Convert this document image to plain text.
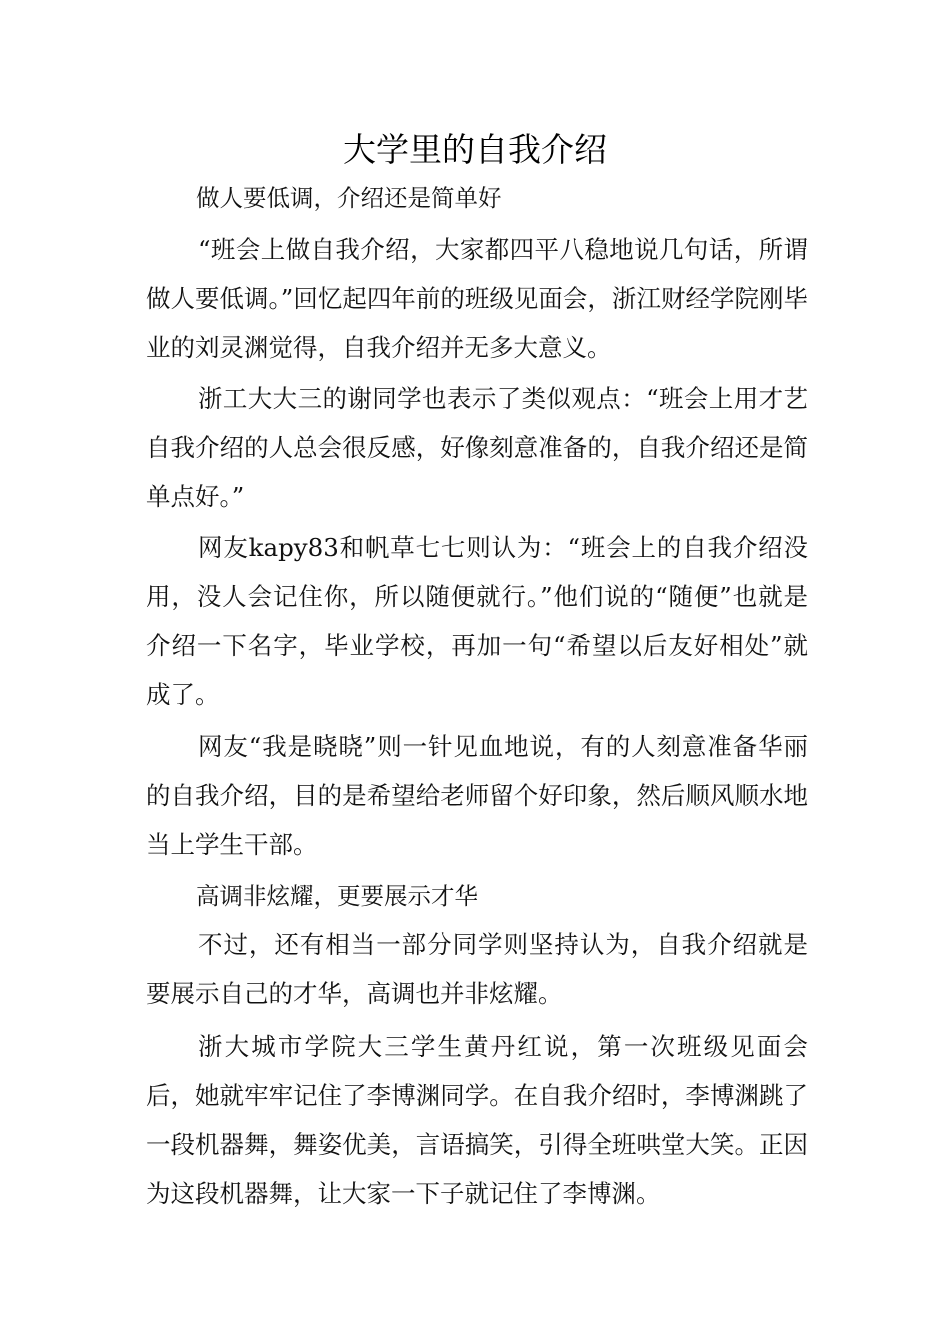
大学里的自我介绍

做人要低调，介绍还是简单好

“班会上做自我介绍，大家都四平八稳地说几句话，所谓做人要低调。”回忆起四年前的班级见面会，浙江财经学院刚毕业的刘灵渊觉得，自我介绍并无多大意义。

浙工大大三的谢同学也表示了类似观点：“班会上用才艺自我介绍的人总会很反感，好像刻意准备的，自我介绍还是简单点好。”

网友kapy83和帆草七七则认为：“班会上的自我介绍没用，没人会记住你，所以随便就行。”他们说的“随便”也就是介绍一下名字，毕业学校，再加一句“希望以后友好相处”就成了。

网友“我是晓晓”则一针见血地说，有的人刻意准备华丽的自我介绍，目的是希望给老师留个好印象，然后顺风顺水地当上学生干部。

高调非炫耀，更要展示才华

不过，还有相当一部分同学则坚持认为，自我介绍就是要展示自己的才华，高调也并非炫耀。

浙大城市学院大三学生黄丹红说，第一次班级见面会后，她就牢牢记住了李博渊同学。在自我介绍时，李博渊跳了一段机器舞，舞姿优美，言语搞笑，引得全班哄堂大笑。正因为这段机器舞，让大家一下子就记住了李博渊。
